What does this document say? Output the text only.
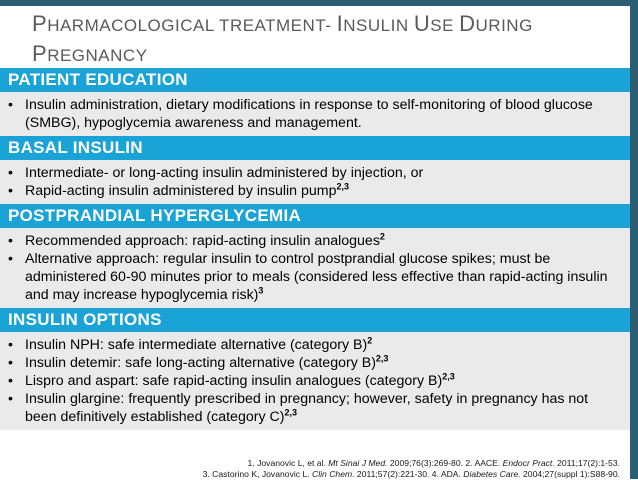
PHARMACOLOGICAL TREATMENT- INSULIN USE DURING
PREGNANCY
PATIENT EDUCATION
• Insulin administration, dietary modifications in response to self-monitoring of blood glucose (SMBG), hypoglycemia awareness and management.
BASAL INSULIN
• Intermediate- or long-acting insulin administered by injection, or
• Rapid-acting insulin administered by insulin pump$^{2,3}$
POSTPRANDIAL HYPERGLYCEMIA
• Recommended approach: rapid-acting insulin analogues$^2$
• Alternative approach: regular insulin to control postprandial glucose spikes; must be administered 60-90 minutes prior to meals (considered less effective than rapid-acting insulin and may increase hypoglycemia risk)$^3$
INSULIN OPTIONS
• Insulin NPH: safe intermediate alternative (category B)$^2$
• Insulin detemir: safe long-acting alternative (category B)$^{2,3}$
• Lispro and aspart: safe rapid-acting insulin analogues (category B)$^{2,3}$
• Insulin glargine: frequently prescribed in pregnancy; however, safety in pregnancy has not been definitively established (category C)$^{2,3}$
1. Jovanovic L, et al. Mt Sinai J Med. 2009;76(3):269-80. 2. AACE. Endocr Pract. 2011;17(2):1-53.
3. Castorino K, Jovanovic L. Clin Chem. 2011;57(2):221-30. 4. ADA. Diabetes Care. 2004;27(suppl 1):S88-90.
